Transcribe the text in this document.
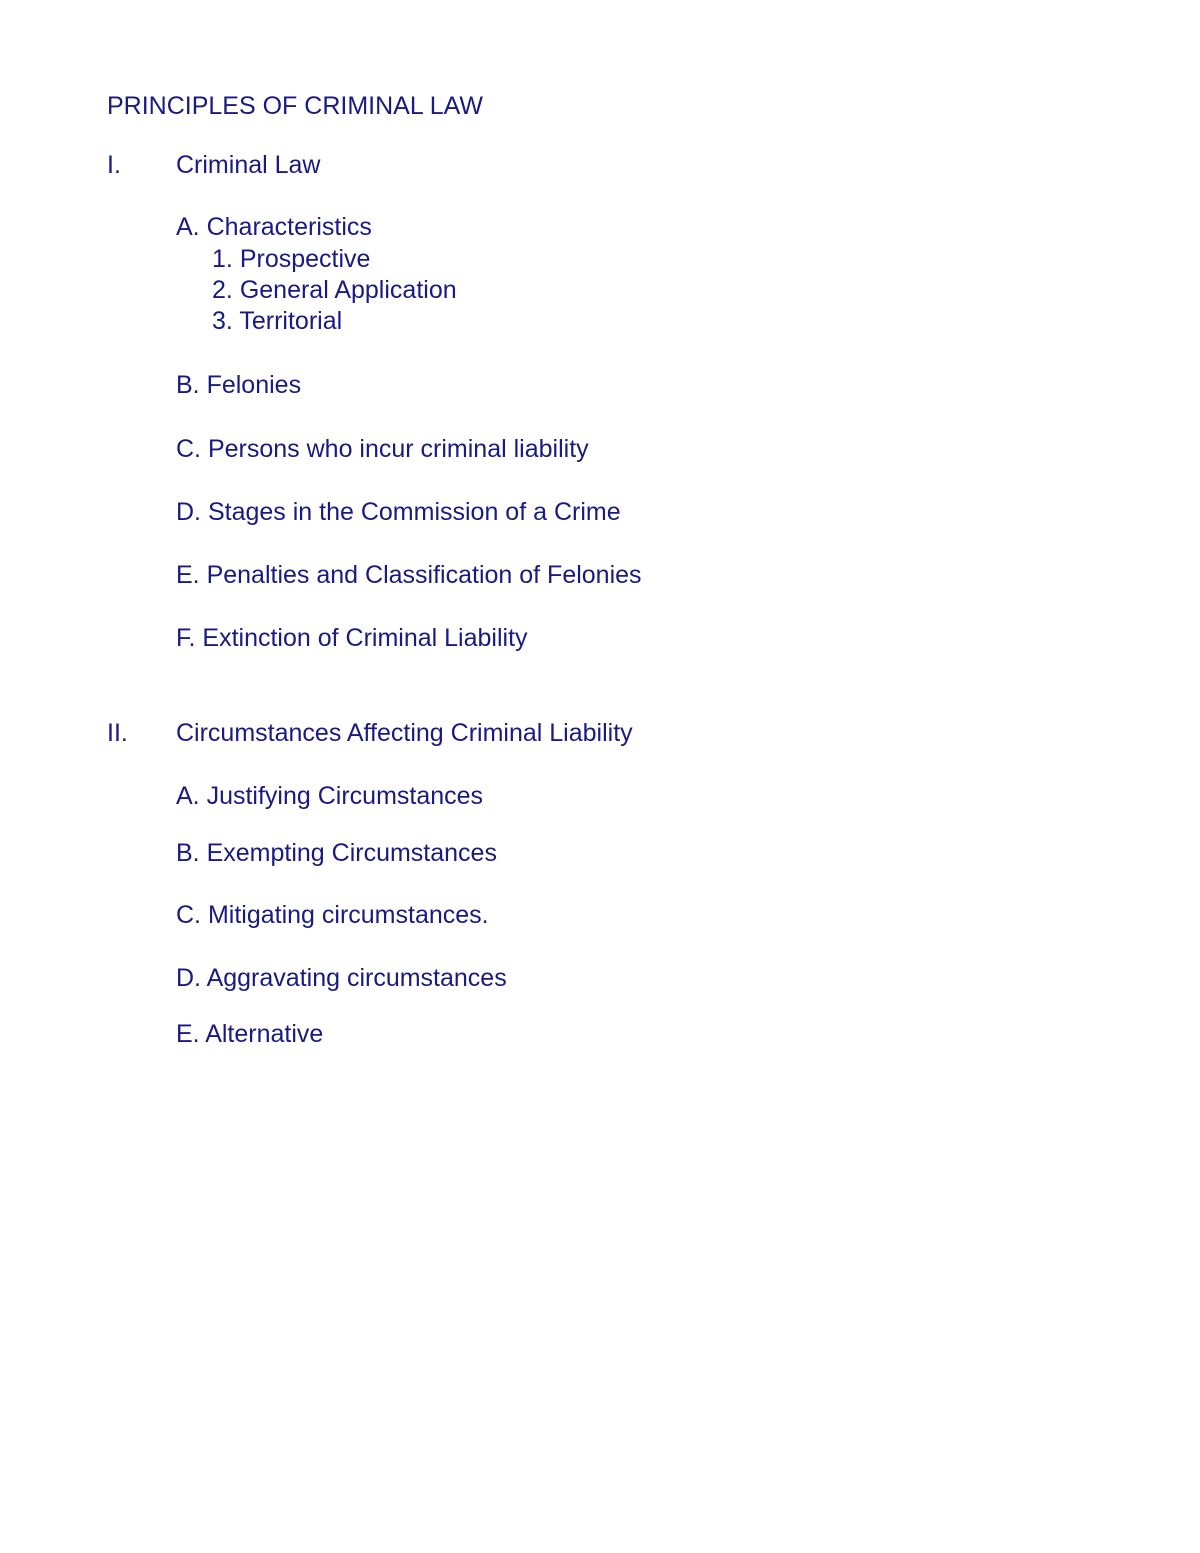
PRINCIPLES OF CRIMINAL LAW
I. Criminal Law
A. Characteristics
1. Prospective
2. General Application
3. Territorial
B. Felonies
C. Persons who incur criminal liability
D. Stages in the Commission of a Crime
E. Penalties and Classification of Felonies
F. Extinction of Criminal Liability
II. Circumstances Affecting Criminal Liability
A. Justifying Circumstances
B. Exempting Circumstances
C. Mitigating circumstances.
D. Aggravating circumstances
E. Alternative
